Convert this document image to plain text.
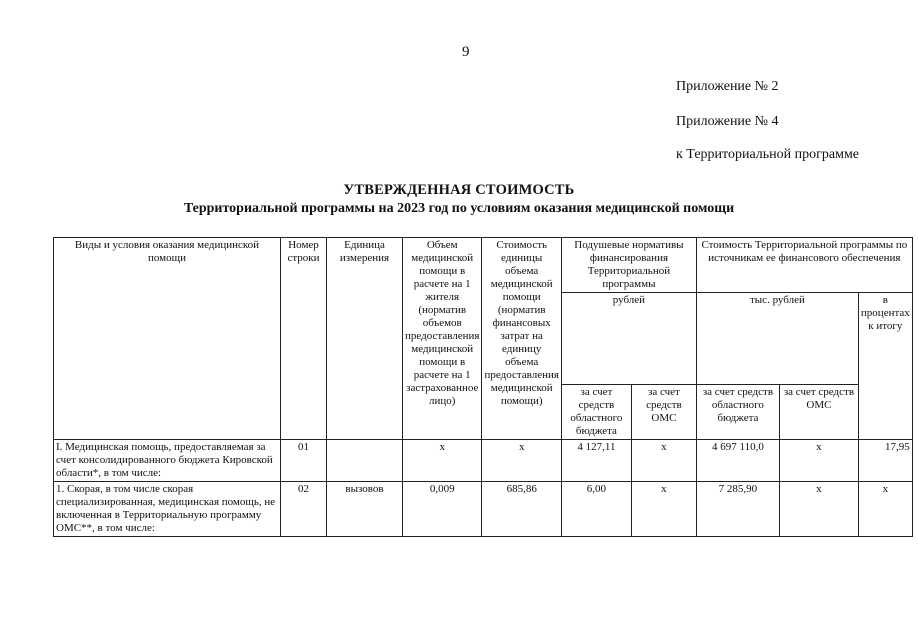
9
Приложение № 2
Приложение № 4
к Территориальной программе
УТВЕРЖДЕННАЯ СТОИМОСТЬ
Территориальной программы на 2023 год по условиям оказания медицинской помощи
Виды и условия оказания медицинской помощи	Номер строки	Единица измерения	Объем медицинской помощи в расчете на 1 жителя (норматив объемов предоставления медицинской помощи в расчете на 1 застрахованное лицо)	Стоимость единицы объема медицинской помощи (норматив финансовых затрат на единицу объема предоставления медицинской помощи)	Подушевые нормативы финансирования Территориальной программы		Стоимость Территориальной программы по источникам ее финансового обеспечения		
					рублей		тыс. рублей		в процентах к итогу
					за счет средств областного бюджета	за счет средств ОМС	за счет средств областного бюджета	за счет средств ОМС	
I. Медицинская помощь, предоставляемая за счет консолидированного бюджета Кировской области*, в том числе:	01		х	х	4 127,11	х	4 697 110,0	х	17,95
1. Скорая, в том числе скорая специализированная, медицинская помощь, не включенная в Территориальную программу ОМС**, в том числе:	02	вызовов	0,009	685,86	6,00	х	7 285,90	х	х
